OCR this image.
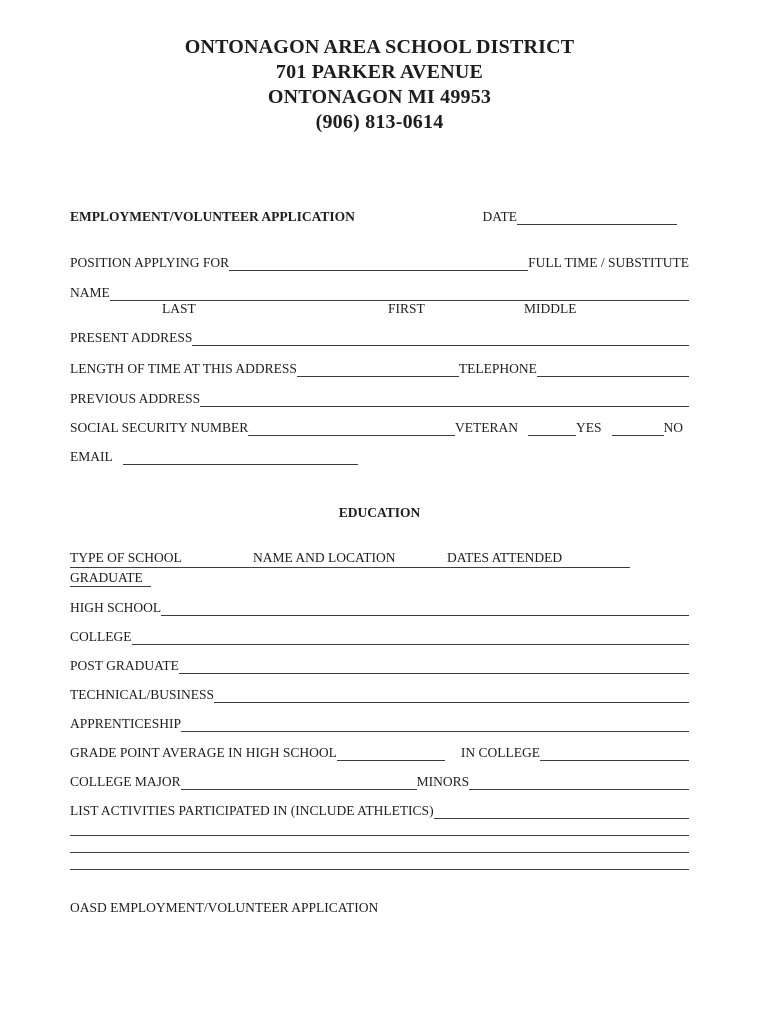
ONTONAGON AREA SCHOOL DISTRICT
701 PARKER AVENUE
ONTONAGON MI 49953
(906) 813-0614
EMPLOYMENT/VOLUNTEER APPLICATION	DATE
POSITION APPLYING FOR	FULL TIME / SUBSTITUTE
NAME
LAST	FIRST	MIDDLE
PRESENT ADDRESS
LENGTH OF TIME AT THIS ADDRESS	TELEPHONE
PREVIOUS ADDRESS
SOCIAL SECURITY NUMBER	VETERAN	YES	NO
EMAIL
EDUCATION
TYPE OF SCHOOL	NAME AND LOCATION	DATES ATTENDED
GRADUATE
HIGH SCHOOL
COLLEGE
POST GRADUATE
TECHNICAL/BUSINESS
APPRENTICESHIP
GRADE POINT AVERAGE IN HIGH SCHOOL	IN COLLEGE
COLLEGE MAJOR	MINORS
LIST ACTIVITIES PARTICIPATED IN (INCLUDE ATHLETICS)
OASD EMPLOYMENT/VOLUNTEER APPLICATION
